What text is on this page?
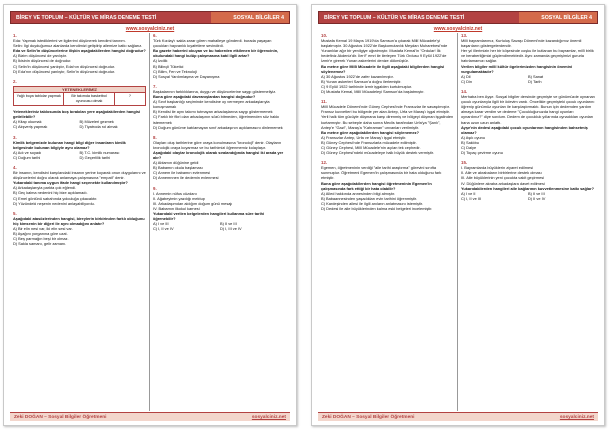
BİREY VE TOPLUM – KÜLTÜR VE MİRAS DENEME TESTİ	SOSYAL BİLGİLER 4
www.sosyalciniz.net
1.

Eda: Yapmak istediklerimi ve ilgilerimi düşünerek kendimi tanırım.

Selin: İlgi duyduğumuz alanlarda kendimizi geliştirip ailemize katkı sağlarız.

Eda ve Selin'in düşüncelerine ilişkin aşağıdakilerden hangisi doğrudur?

A) Bizim düşüncesi de yanlıştır.
B) İkisinin düşüncesi de doğrudur.
C) Selin'in düşüncesi yanlıştır, Eda'nın düşüncesi doğrudur.
D) Eda'nın düşüncesi yanlıştır, Selin'in düşüncesi doğrudur.
2.
YETENEKLERİMİZ
Yağlı boya tablolar yapmak	Bir takımda basketbol oyuncusu olmak
?

Yetenekleriniz tablosunda boş bırakılan yere aşağıdakilerden hangisi getirilebilir?

A) Kitap okumak	B) Müzeleri gezmek
C) Alışveriş yapmak	D) Tiyatroda rol almak
3.

Kimlik belgemizde bulunan hangi bilgi diğer insanların kimlik belgesinde bulunan bilgiyle aynı olamaz?

A) Adı ve soyadı	B) T.C. kimlik numarası
C) Doğum tarihi	D) Geçerlilik tarihi
4.

Bir insanın, kendisini karşılandaki insanın yerine koyarak onun duygularını ve düşüncelerini doğru olarak anlamaya çalışmasına "empati" denir.

Yukarıdaki tanıma uygun ifade hangi seçenekte kullanılmıştır?

A) Arkadaşlarıyla parkta çok eğlendi.
B) Geç kalma nedenini hiç bize açıklamadı.
C) Emel gönlünü sabahında yolculuğa çıkacaktır.
D) Yüzündeki neşenin nedenini anlayabiliyordu.
5.

Aşağıdaki atasözlerinden hangisi, bireylerin birbirinden farklı olduğunu hiç kimsenin bir diğeri ile aynı olmadığını anlatır?

A) Bir elin nesi var, iki elin sesi var.
B) Ayağını yorganına göre uzat.
C) Beş parmağın beşi bir olmaz.
D) Sakla samanı, gelir zamanı.
6.

Türk Kızılay'ı sakla zarar gören mahalleye gönderdi. burada yaşayan çocukları hayvanlık kıyafetlere sevindirdi.

Bu gazete haberini okuyan ve bu haberden etkilenen bir öğrencinin, okulundaki hangi kulüp çalışmasına katıl ilgili artar?

A) İzcilik
B) Bilinçli Tüketici
C) Bilim, Fen ve Teknoloji
D) Sosyal Yardımlaşma ve Dayanışma
7.

Başkalarının farklılıklarına, duygu ve düşüncelerine saygı göstermeliyiz.

Buna göre aşağıdaki davranışlardan hangisi doğrudur?

A) Sınıf başkanlığı seçiminde kendisine oy vermeyen arkadaşlarıyla konuşmamak
B) Kendisi ile aynı takımı tutmayan arkadaşlarına saygı göstermemek
C) Farklı bir fikri olan arkadaşının sözü bitmeden, öğretmenden söz hakkı istememek
D) Doğum günüme katılamayan sınıf arkadaşının açıklamasını dinlememek
8.

Olayları oluş tarihlerine göre oraya konulmasına "kronoloji" denir. Olayların kronolojik oraya koyarmaz ve bu tarihimizi öğrenmemiz kolaylaşır.

Aşağıdaki olaylar kronolojik olarak sıralandığında hangisi iki arada yer alır?

A) Ablamın düğünine geldi
B) Babamın okula başlaması
C) Annem ile babamın evlenmesi
D) Annemnnen ile dedemin evlenmesi
9.

I. Annemin nüfus cüzdanı

II. Ağabeyimin yazdığı mektup

III. Arkadaşımdan aldığım doğum günü mesajı

IV. Babamın ilkokul karnesi

Yukarıdaki verilen belgelerden hangileri kullanma süre tarihi öğrenebilir?

A) I ve III	B) II ve III
C) I, II ve IV	D) I, III ve IV
Zeki DOĞAN – Sosyal Bilgiler Öğretmeni	sosyalciniz.net
BİREY VE TOPLUM – KÜLTÜR VE MİRAS DENEME TESTİ	SOSYAL BİLGİLER 4
www.sosyalciniz.net
10.

Mustafa Kemal 19 Mayıs 1919'da Samsun'a çıkarak Millî Mücadele'yi başlatmıştır. 30 Ağustos 1922'de Başkomutanlık Meydan Muharebesi'nde Yunanlılar ağır bir yenilgiye uğratmıştır. Mustafa Kemal'in "Ordular! İlk hedefiniz Akdeniz'dir. İleri!" emri ile ilerleyen Türk Ordusu 9 Eylül 1922'de İzmir'e girerek Yunan askerlerini denize dökmüştür.

Bu metne göre Millî Mücadele ile ilgili aşağıdaki bilgilerden hangisi söylenemez?

A) 30 Ağustos 1922'de zafer kazanılmıştır.
B) Yunan askerleri Samsun'a doğru ilerlemiştir.
C) 9 Eylül 1922 tarihinde İzmir işgalden kurtulmuştur.
D) Mustafa Kemal, Millî Mücadeleyi Samsun'da başlatmıştır.
11.

Millî Mücadele Dönemi'nde Güney Cephesi'nde Fransızlar ile savaşılmıştır. Fransız kuvvetleri bu bölgede yer alan Antep, Urfa ve Maraş'ı işgal etmiştir. Yerli halk tüm gücüyle düşmana karşı direnmiş ve bölgeyi düşman işgalinden kurtarmıştır. Bu sebeple daha sonra Meclis tarafından Urfa'ya "Şanlı", Antep'e "Gazi", Maraş'a "Kahraman" unvanları verilmiştir.

Bu metne göre aşağıdakilerden hangisi söylenemez?

A) Fransızlar Antep, Urfa ve Maraş'ı işgal etmiştir.
B) Güney Cephesi'nde Fransızlarla mücadele edilmiştir.
C) Güney Cephesi, Millî Mücadele'nin açılan tek cephedir.
D) Güney Cephesi'ndeki mücadeleye halk büyük destek vermiştir.
12.

Egemen, öğretmeninin verdiği "aile tarihi araştırma" görevini sınıfta sunmuştur. Öğretmeni Egemen'in çalışmasında bir hata olduğunu fark etmiştir.

Buna göre aşağıdakilerden hangisi öğretmeninin Egemen'in çalışmasında fark ettiği bir hata olabilir?

A) Alled hakkında annesinden bilgi almıştır.
B) Babaannesinden yaşadıkları evin tarihini öğrenmiştir.
C) Kardeşinden ailesi ile ilgili anıların anlatmasını istemiştir.
D) Dedesi ile aile büyüklerinden kalma eski belgeleri incelemiştir.
13.

Milli bayramlarımız, Kurtuluş Savaşı Dönemi'nde kazandığımız önemli başarıların göstergelerdendir.

Her yıl illerimizin her bir köşesinde coşku ile kutlanan bu bayramlar, millî birlik ve beraberliğimizi güçlendirmektedir. Aynı zamanda geçmişimizi gururla hatırlamamızı sağlar.

Verilen bilgiler millî kültür ögelerimizden hangisinin önemini vurgulamaktadır?

A) Dil	B) Sanat
C) Din	D) Tarih
14.

Merhaba ben Ayşe. Sosyal bilgiler dersinde geçmişte ve günümüzde oynanan çocuk oyunlarıyla ilgili bir ödevim vardı. Öncelikle geçmişteki çocuk oyunlarını öğrenip günümüz oyunları ile karşılaştırmaktı. Bunun için dedemden yardım almaya karar verdim ve dedeme "Çocukluğunuzda hangi oyunları oynardınız?" diye sordum. Dedem de çocukluk yıllarında oynadıkları oyunları bana uzun uzun anlattı.

Ayşe'nin dedesi aşağıdaki çocuk oyunlarının hangisinden bahsetmiş olamaz?

A) Aşık oyunu
B) Saklıbu
C) Dalye
D) Topaç çevirme oyunu
15.

I. Bayramlarda büyüklerin ziyaret edilmesi

II. Aile ve akrabaların birbirlerine destek olması

III. Aile büyüklerinin yeni çocukta vakit geçirmesi

IV. Düğünlere akraba arkadaşlara davet edilmesi

Yukarıdakilerden hangileri aile bağlarının kuvvetlenmesine katkı sağlar?

A) I ve II	B) II ve III
C) I, II ve III	D) II ve IV
Zeki DOĞAN – Sosyal Bilgiler Öğretmeni	sosyalciniz.net
